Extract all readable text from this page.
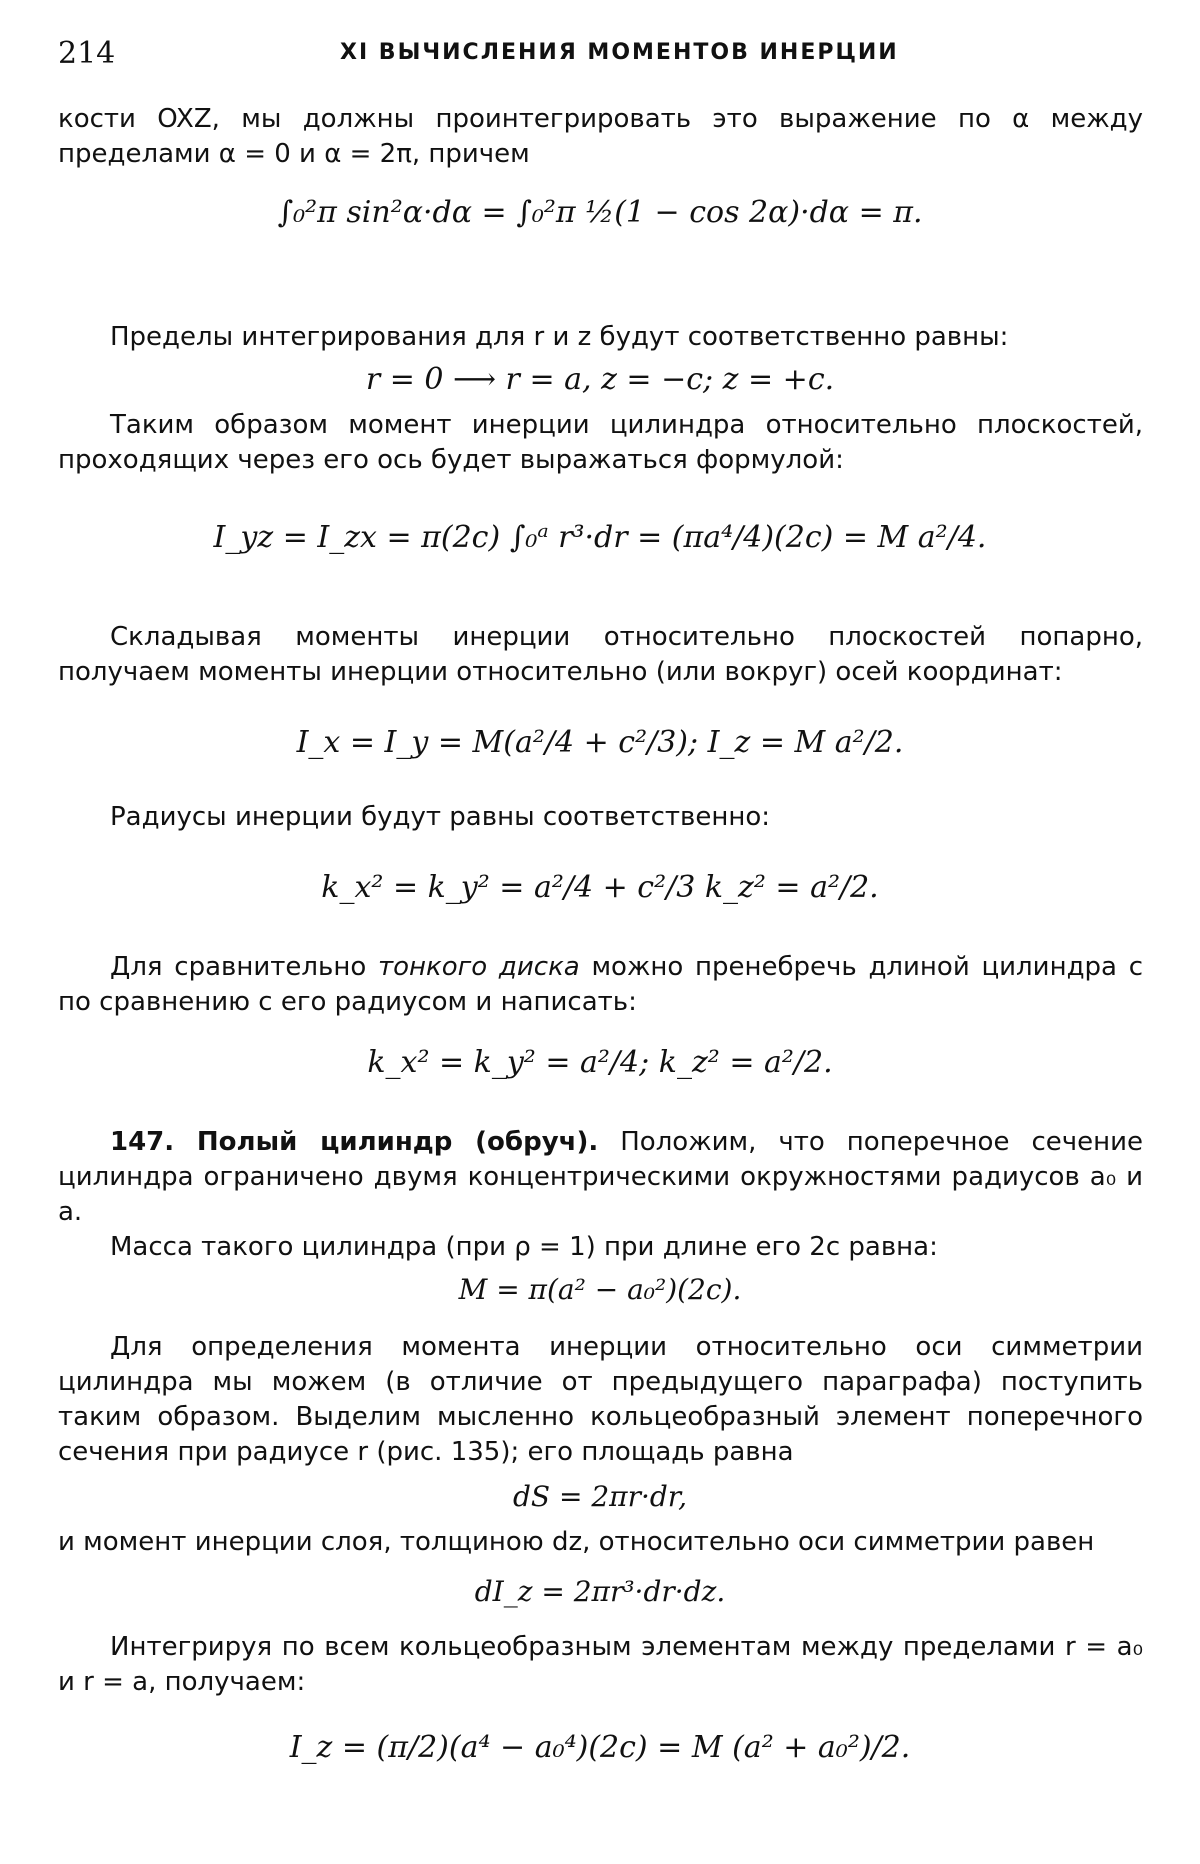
214	XI ВЫЧИСЛЕНИЯ МОМЕНТОВ ИНЕРЦИИ
кости OXZ, мы должны проинтегрировать это выражение по α между пределами α = 0 и α = 2π, причем
∫₀²π sin²α·dα = ∫₀²π ½(1 − cos 2α)·dα = π.
Пределы интегрирования для r и z будут соответственно равны:
r = 0 ⟶ r = a, z = −c; z = +c.
Таким образом момент инерции цилиндра относительно плоскостей, проходящих через его ось будет выражаться формулой:
I_yz = I_zx = π(2c) ∫₀ᵃ r³·dr = (πa⁴/4)(2c) = M a²/4.
Складывая моменты инерции относительно плоскостей попарно, получаем моменты инерции относительно (или вокруг) осей координат:
I_x = I_y = M(a²/4 + c²/3); I_z = M a²/2.
Радиусы инерции будут равны соответственно:
k_x² = k_y² = a²/4 + c²/3 k_z² = a²/2.
Для сравнительно тонкого диска можно пренебречь длиной цилиндра c по сравнению с его радиусом и написать:
k_x² = k_y² = a²/4; k_z² = a²/2.
147. Полый цилиндр (обруч). Положим, что поперечное сечение цилиндра ограничено двумя концентрическими окружностями радиусов a₀ и a.
Масса такого цилиндра (при ρ = 1) при длине его 2c равна:
M = π(a² − a₀²)(2c).
Для определения момента инерции относительно оси симметрии цилиндра мы можем (в отличие от предыдущего параграфа) поступить таким образом. Выделим мысленно кольцеобразный элемент поперечного сечения при радиусе r (рис. 135); его площадь равна
dS = 2πr·dr,
и момент инерции слоя, толщиною dz, относительно оси симметрии равен
dI_z = 2πr³·dr·dz.
Интегрируя по всем кольцеобразным элементам между пределами r = a₀ и r = a, получаем:
I_z = (π/2)(a⁴ − a₀⁴)(2c) = M (a² + a₀²)/2.
